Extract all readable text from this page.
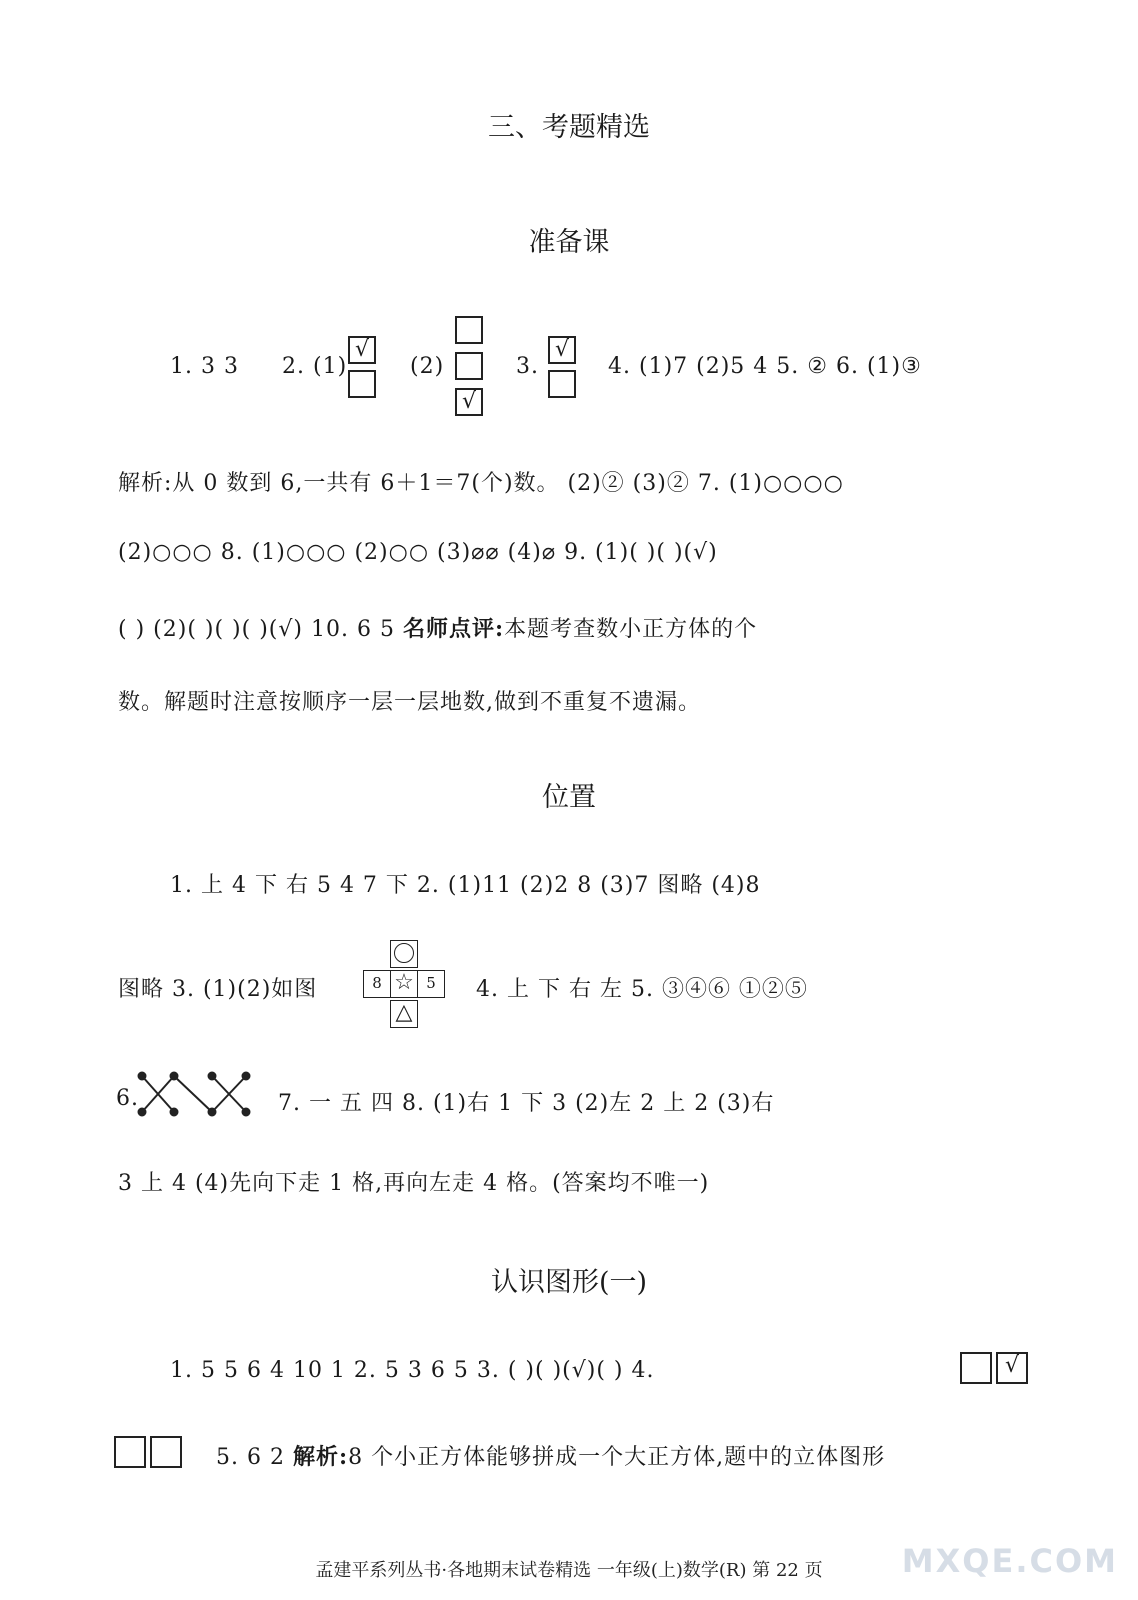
三、考题精选
准备课
位置
认识图形(一)
1. 3 3 2. (1)
√
(2)
√
3.
√
4. (1)7 (2)5 4 5. ② 6. (1)③
解析:从 0 数到 6,一共有 6＋1＝7(个)数。 (2)② (3)② 7. (1)○○○○
(2)○○○ 8. (1)○○○ (2)○○ (3)⌀⌀ (4)⌀ 9. (1)( )( )(√)
( ) (2)( )( )( )(√) 10. 6 5 名师点评:本题考查数小正方体的个
数。解题时注意按顺序一层一层地数,做到不重复不遗漏。
1. 上 4 下 右 5 4 7 下 2. (1)11 (2)2 8 (3)7 图略 (4)8
图略 3. (1)(2)如图	8 ☆ 5
△
4. 上 下 右 左 5. ③④⑥ ①②⑤
6.	7. 一 五 四 8. (1)右 1 下 3 (2)左 2 上 2 (3)右
3 上 4 (4)先向下走 1 格,再向左走 4 格。(答案均不唯一)
1. 5 5 6 4 10 1 2. 5 3 6 5 3. ( )( )(√)( ) 4.	√
5. 6 2 解析:8 个小正方体能够拼成一个大正方体,题中的立体图形
MXQE.COM
孟建平系列丛书·各地期末试卷精选 一年级(上)数学(R) 第 22 页
